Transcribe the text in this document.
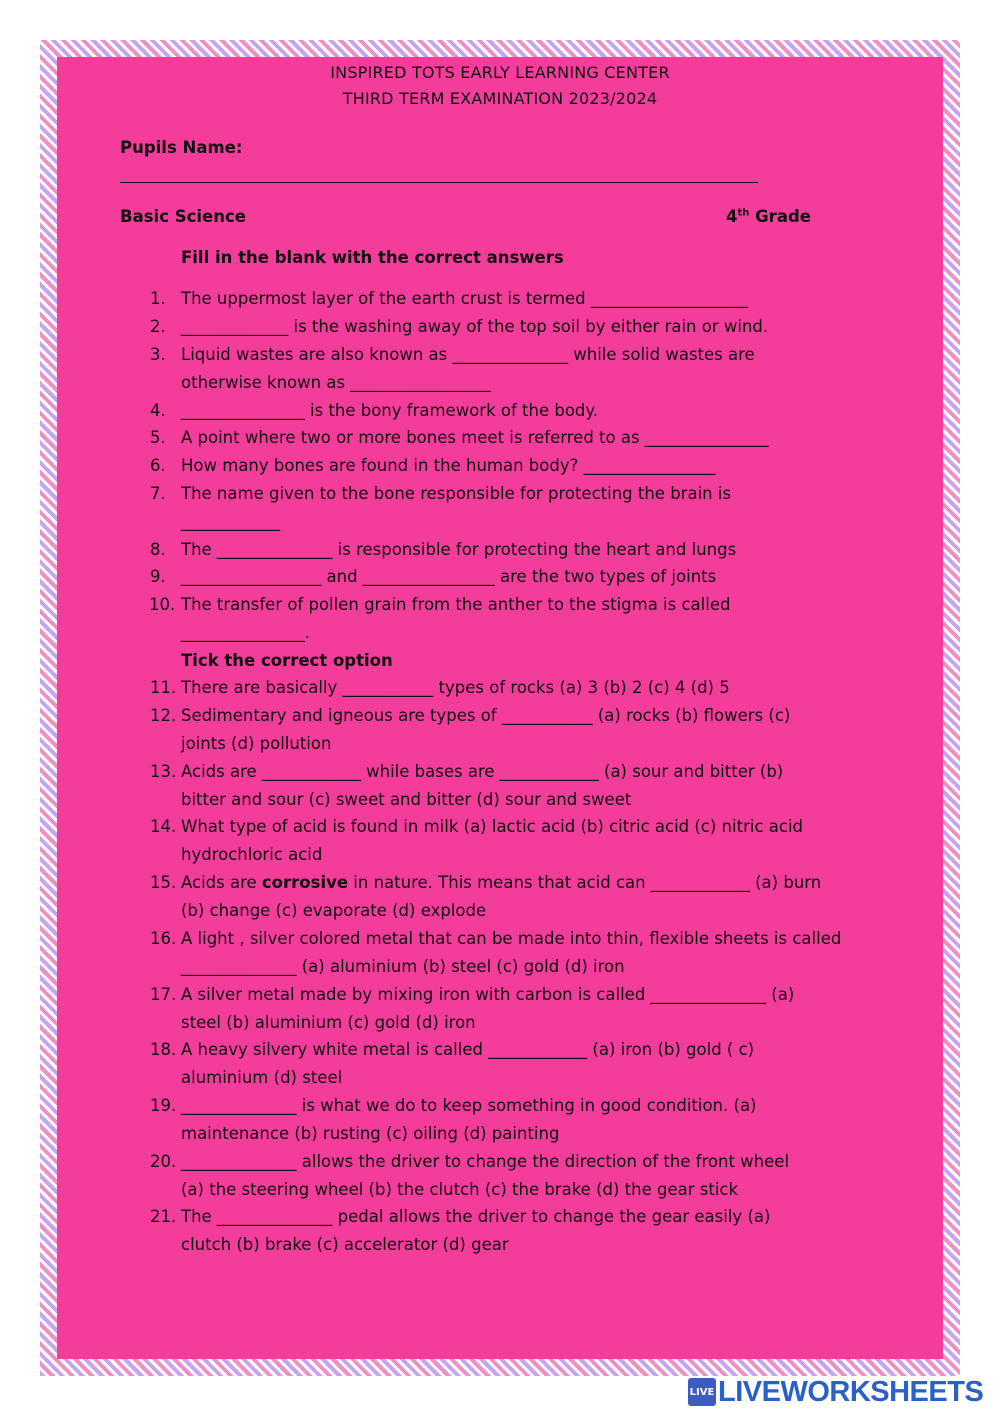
INSPIRED TOTS EARLY LEARNING CENTER
THIRD TERM EXAMINATION 2023/2024
Pupils Name:
Basic Science	4th Grade
Fill in the blank with the correct answers
Tick the correct option
1. The uppermost layer of the earth crust is termed ___________________
2. _____________ is the washing away of the top soil by either rain or wind.
3. Liquid wastes are also known as ______________ while solid wastes are
otherwise known as _________________
4. _______________ is the bony framework of the body.
5. A point where two or more bones meet is referred to as _______________
6. How many bones are found in the human body? ________________
7. The name given to the bone responsible for protecting the brain is
____________
8. The ______________ is responsible for protecting the heart and lungs
9. _________________ and ________________ are the two types of joints
10. The transfer of pollen grain from the anther to the stigma is called
_______________.
11. There are basically ___________ types of rocks (a) 3 (b) 2 (c) 4 (d) 5
12. Sedimentary and igneous are types of ___________ (a) rocks (b) flowers (c)
joints (d) pollution
13. Acids are ____________ while bases are ____________ (a) sour and bitter (b)
bitter and sour (c) sweet and bitter (d) sour and sweet
14. What type of acid is found in milk (a) lactic acid (b) citric acid (c) nitric acid
hydrochloric acid
15. Acids are corrosive in nature. This means that acid can ____________ (a) burn
(b) change (c) evaporate (d) explode
16. A light , silver colored metal that can be made into thin, flexible sheets is called
______________ (a) aluminium (b) steel (c) gold (d) iron
17. A silver metal made by mixing iron with carbon is called ______________ (a)
steel (b) aluminium (c) gold (d) iron
18. A heavy silvery white metal is called ____________ (a) iron (b) gold ( c)
aluminium (d) steel
19. ______________ is what we do to keep something in good condition. (a)
maintenance (b) rusting (c) oiling (d) painting
20. ______________ allows the driver to change the direction of the front wheel
(a) the steering wheel (b) the clutch (c) the brake (d) the gear stick
21. The ______________ pedal allows the driver to change the gear easily (a)
clutch (b) brake (c) accelerator (d) gear
LIVE LIVEWORKSHEETS
